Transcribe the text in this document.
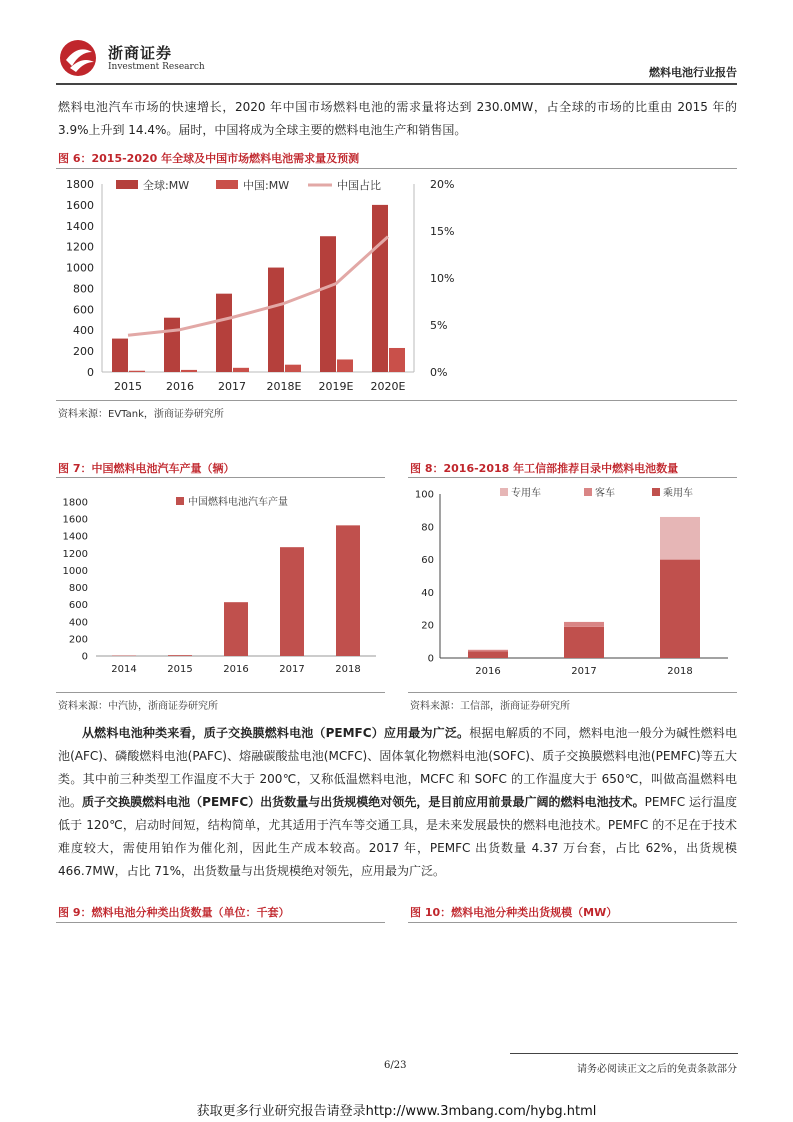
浙商证券
Investment Research	燃料电池行业报告
燃料电池汽车市场的快速增长，2020 年中国市场燃料电池的需求量将达到 230.0MW，占全球的市场的比重由 2015 年的 3.9%上升到 14.4%。届时，中国将成为全球主要的燃料电池生产和销售国。
图 6：2015-2020 年全球及中国市场燃料电池需求量及预测
0
200
400
600
800
1000
1200
1400
1600
1800
0%
5%
10%
15%
20%
2015 2016 2017 2018E 2019E 2020E
全球:MW	中国:MW	中国占比
资料来源：EVTank，浙商证券研究所
图 7：中国燃料电池汽车产量（辆）
0
200
400
600
800
1000
1200
1400
1600
1800
2014	2015	2016	2017	2018
中国燃料电池汽车产量
资料来源：中汽协，浙商证券研究所
图 8：2016-2018 年工信部推荐目录中燃料电池数量
0
20
40
60
80
100
2016	2017	2018
专用车	客车	乘用车
资料来源：工信部，浙商证券研究所
从燃料电池种类来看，质子交换膜燃料电池（PEMFC）应用最为广泛。根据电解质的不同，燃料电池一般分为碱性燃料电池(AFC)、磷酸燃料电池(PAFC)、熔融碳酸盐电池(MCFC)、固体氧化物燃料电池(SOFC)、质子交换膜燃料电池(PEMFC)等五大类。其中前三种类型工作温度不大于 200℃，又称低温燃料电池，MCFC 和 SOFC 的工作温度大于 650℃，叫做高温燃料电池。质子交换膜燃料电池（PEMFC）出货数量与出货规模绝对领先，是目前应用前景最广阔的燃料电池技术。PEMFC 运行温度低于 120℃，启动时间短，结构简单，尤其适用于汽车等交通工具，是未来发展最快的燃料电池技术。PEMFC 的不足在于技术难度较大，需使用铂作为催化剂，因此生产成本较高。2017 年，PEMFC 出货数量 4.37 万台套，占比 62%，出货规模 466.7MW，占比 71%，出货数量与出货规模绝对领先，应用最为广泛。
图 9：燃料电池分种类出货数量（单位：千套）	图 10：燃料电池分种类出货规模（MW）
6/23	请务必阅读正文之后的免责条款部分
获取更多行业研究报告请登录http://www.3mbang.com/hybg.html
